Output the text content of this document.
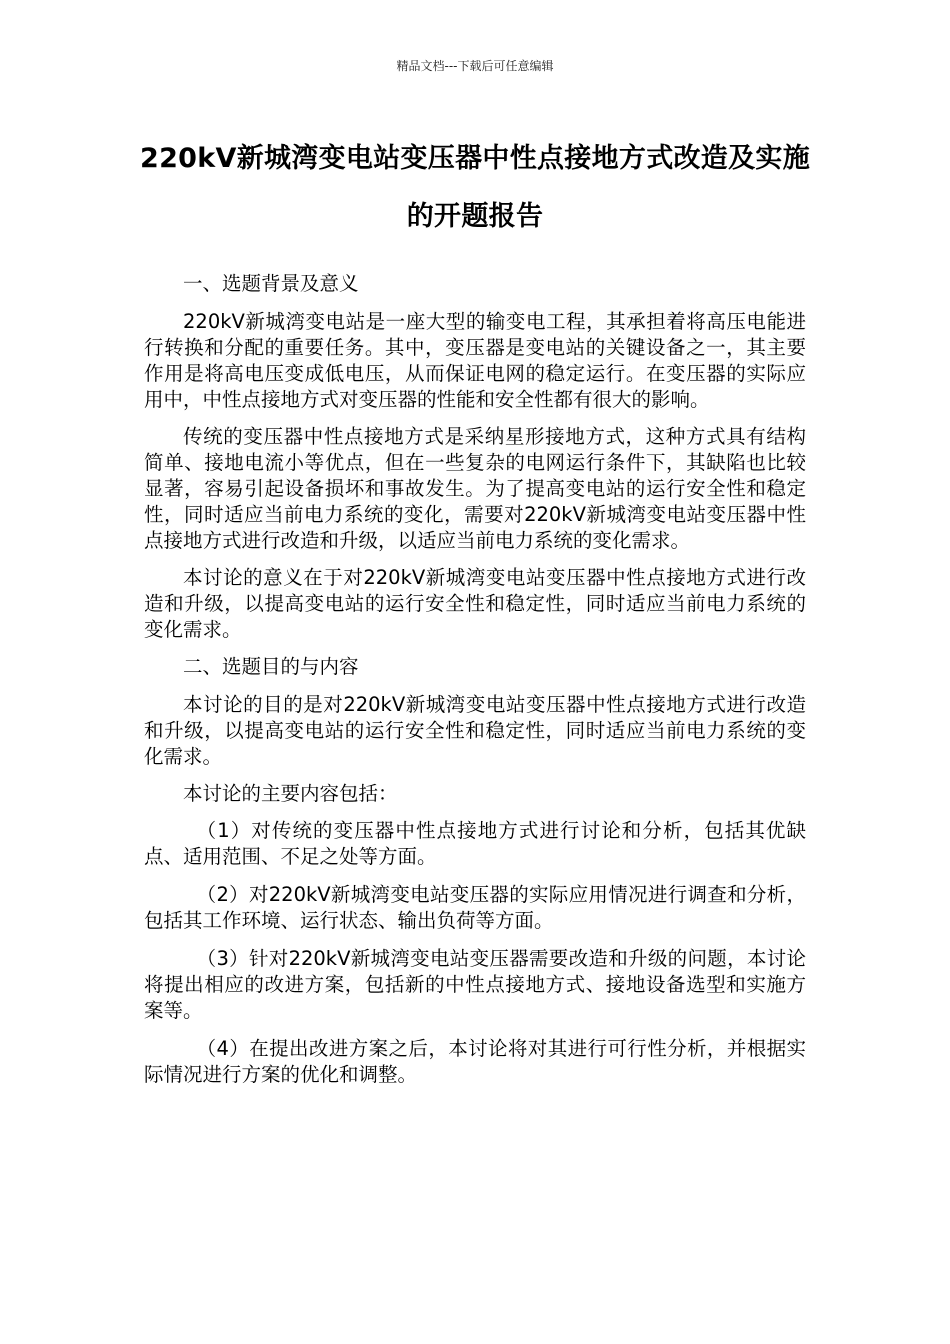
精品文档---下载后可任意编辑
220kV新城湾变电站变压器中性点接地方式改造及实施的开题报告

一、选题背景及意义

220kV新城湾变电站是一座大型的输变电工程，其承担着将高压电能进行转换和分配的重要任务。其中，变压器是变电站的关键设备之一，其主要作用是将高电压变成低电压，从而保证电网的稳定运行。在变压器的实际应用中，中性点接地方式对变压器的性能和安全性都有很大的影响。

传统的变压器中性点接地方式是采纳星形接地方式，这种方式具有结构简单、接地电流小等优点，但在一些复杂的电网运行条件下，其缺陷也比较显著，容易引起设备损坏和事故发生。为了提高变电站的运行安全性和稳定性，同时适应当前电力系统的变化，需要对220kV新城湾变电站变压器中性点接地方式进行改造和升级，以适应当前电力系统的变化需求。

本讨论的意义在于对220kV新城湾变电站变压器中性点接地方式进行改造和升级，以提高变电站的运行安全性和稳定性，同时适应当前电力系统的变化需求。

二、选题目的与内容

本讨论的目的是对220kV新城湾变电站变压器中性点接地方式进行改造和升级，以提高变电站的运行安全性和稳定性，同时适应当前电力系统的变化需求。

本讨论的主要内容包括：

（1）对传统的变压器中性点接地方式进行讨论和分析，包括其优缺点、适用范围、不足之处等方面。

（2）对220kV新城湾变电站变压器的实际应用情况进行调查和分析，包括其工作环境、运行状态、输出负荷等方面。

（3）针对220kV新城湾变电站变压器需要改造和升级的问题，本讨论将提出相应的改进方案，包括新的中性点接地方式、接地设备选型和实施方案等。

（4）在提出改进方案之后，本讨论将对其进行可行性分析，并根据实际情况进行方案的优化和调整。
